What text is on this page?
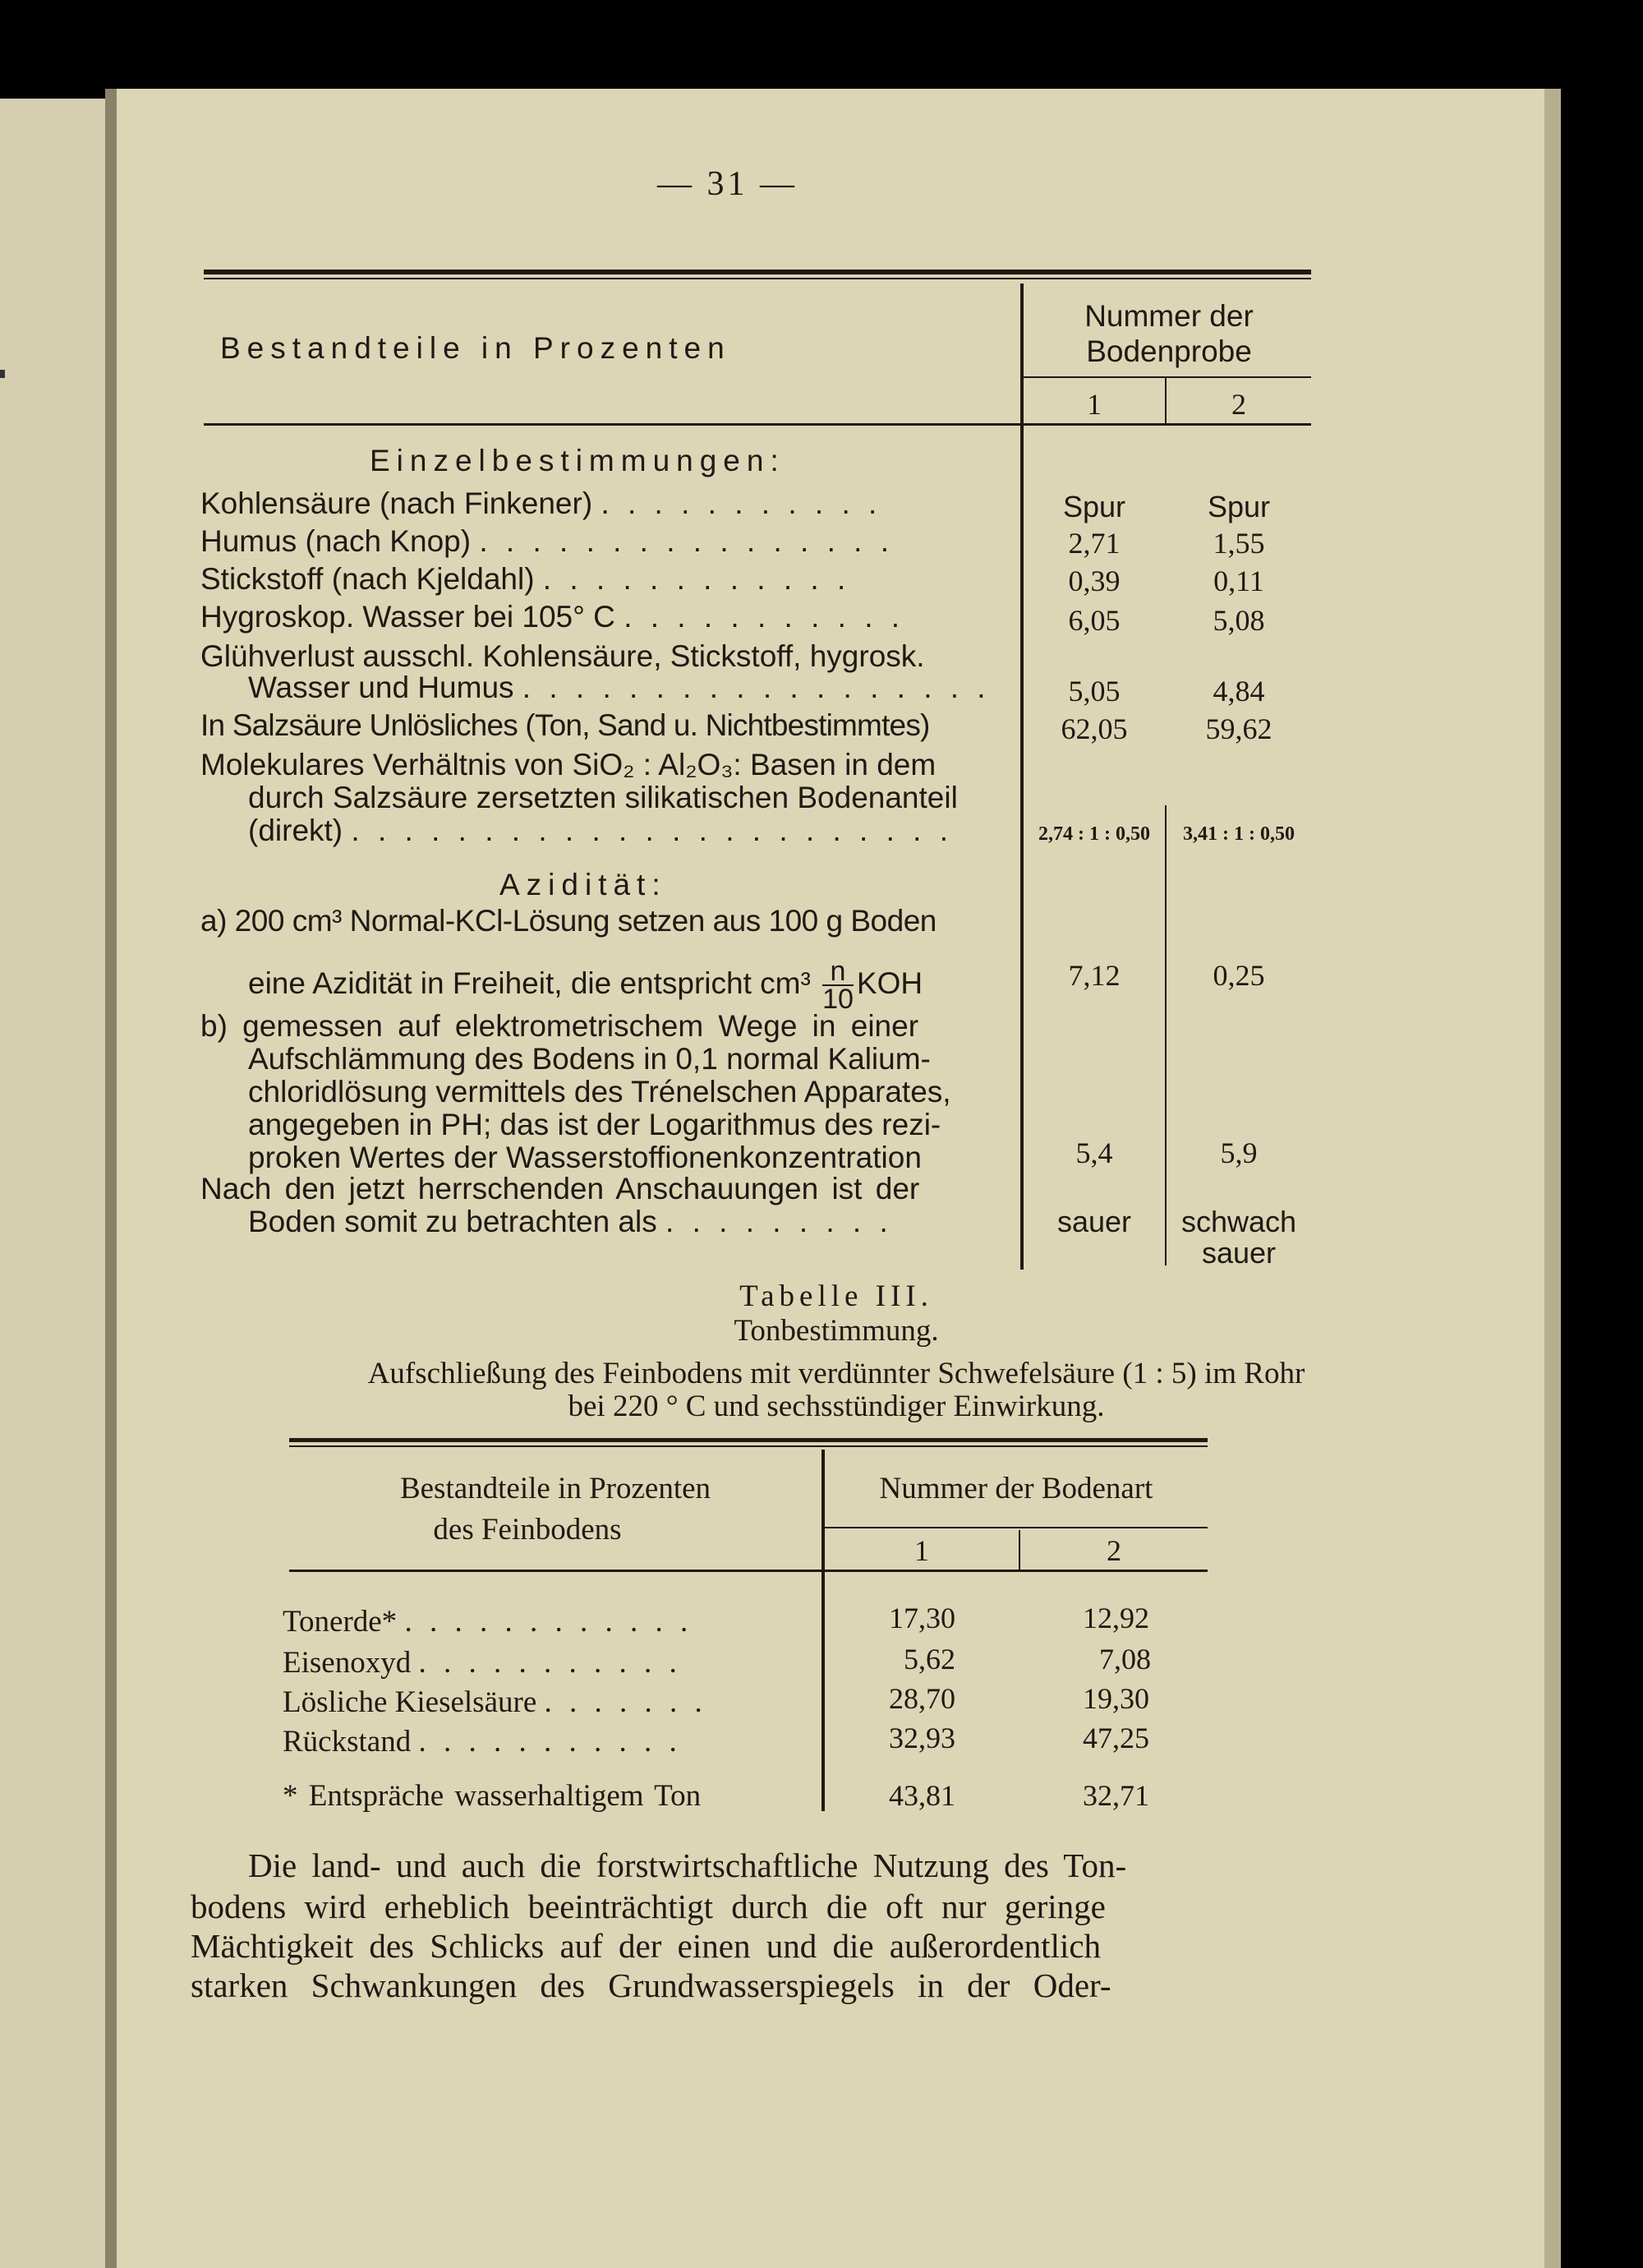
— 31 —
Bestandteile in Prozenten
Nummer der Bodenprobe
1	2
Einzelbestimmungen:
Kohlensäure (nach Finkener) . . . . . . . . . . .	Spur	Spur
Humus (nach Knop) . . . . . . . . . . . . . . . .	2,71	1,55
Stickstoff (nach Kjeldahl) . . . . . . . . . . . .	0,39	0,11
Hygroskop. Wasser bei 105° C . . . . . . . . . . .	6,05	5,08
Glühverlust ausschl. Kohlensäure, Stickstoff, hygrosk.
Wasser und Humus . . . . . . . . . . . . . . . . . .	5,05	4,84
In Salzsäure Unlösliches (Ton, Sand u. Nichtbestimmtes)	62,05	59,62
Molekulares Verhältnis von SiO₂ : Al₂O₃: Basen in dem
durch Salzsäure zersetzten silikatischen Bodenanteil
(direkt) . . . . . . . . . . . . . . . . . . . . . . .	2,74 : 1 : 0,50	3,41 : 1 : 0,50
Azidität:
a) 200 cm³ Normal-KCl-Lösung setzen aus 100 g Boden
eine Azidität in Freiheit, die entspricht $cm^3 \frac{n}{10}$ KOH	7,12	0,25
b) gemessen auf elektrometrischem Wege in einer
Aufschlämmung des Bodens in 0,1 normal Kalium-
chloridlösung vermittels des Trénelschen Apparates,
angegeben in PH; das ist der Logarithmus des rezi-
proken Wertes der Wasserstoffionenkonzentration	5,4	5,9
Nach den jetzt herrschenden Anschauungen ist der
Boden somit zu betrachten als . . . . . . . . .	sauer	schwach
sauer
Tabelle III.
Tonbestimmung.
Aufschließung des Feinbodens mit verdünnter Schwefelsäure (1 : 5) im Rohr
bei 220 ° C und sechsstündiger Einwirkung.
Bestandteile in Prozenten
des Feinbodens
Nummer der Bodenart
1	2
Tonerde* . . . . . . . . . . . .	17,30	12,92
Eisenoxyd . . . . . . . . . . .	5,62	7,08
Lösliche Kieselsäure . . . . . . .	28,70	19,30
Rückstand . . . . . . . . . . .	32,93	47,25
* Entspräche wasserhaltigem Ton	43,81	32,71
Die land- und auch die forstwirtschaftliche Nutzung des Ton-
bodens wird erheblich beeinträchtigt durch die oft nur geringe
Mächtigkeit des Schlicks auf der einen und die außerordentlich
starken Schwankungen des Grundwasserspiegels in der Oder-
